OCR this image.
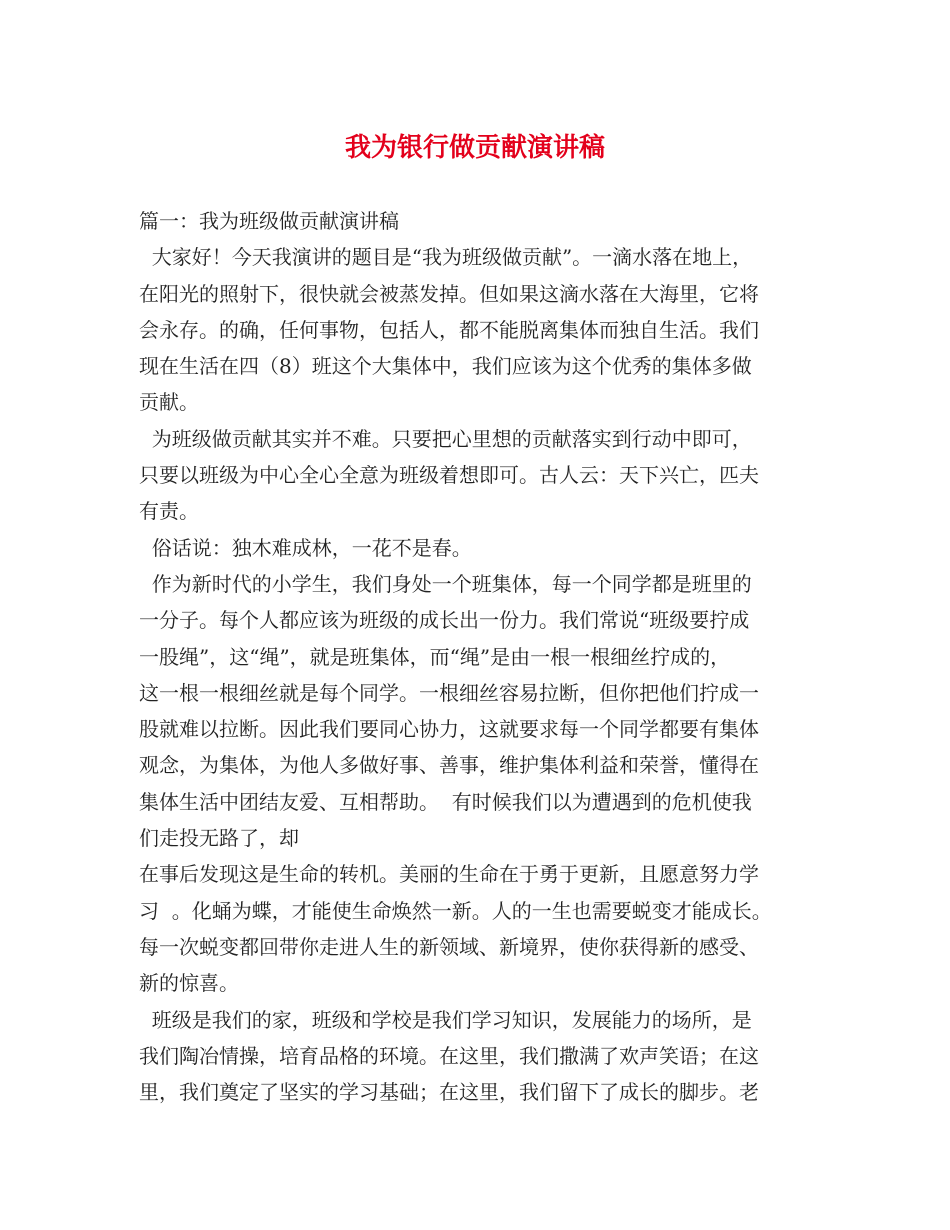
我为银行做贡献演讲稿
篇一：我为班级做贡献演讲稿
大家好！今天我演讲的题目是“我为班级做贡献”。一滴水落在地上，
在阳光的照射下，很快就会被蒸发掉。但如果这滴水落在大海里，它将
会永存。的确，任何事物，包括人，都不能脱离集体而独自生活。我们
现在生活在四（8）班这个大集体中，我们应该为这个优秀的集体多做
贡献。
为班级做贡献其实并不难。只要把心里想的贡献落实到行动中即可，
只要以班级为中心全心全意为班级着想即可。古人云：天下兴亡，匹夫
有责。
俗话说：独木难成林，一花不是春。
作为新时代的小学生，我们身处一个班集体，每一个同学都是班里的
一分子。每个人都应该为班级的成长出一份力。我们常说“班级要拧成
一股绳”，这“绳”，就是班集体，而“绳”是由一根一根细丝拧成的，
这一根一根细丝就是每个同学。一根细丝容易拉断，但你把他们拧成一
股就难以拉断。因此我们要同心协力，这就要求每一个同学都要有集体
观念，为集体，为他人多做好事、善事，维护集体利益和荣誉，懂得在
集体生活中团结友爱、互相帮助。  有时候我们以为遭遇到的危机使我
们走投无路了，却
在事后发现这是生命的转机。美丽的生命在于勇于更新，且愿意努力学
习  。化蛹为蝶，才能使生命焕然一新。人的一生也需要蜕变才能成长。
每一次蜕变都回带你走进人生的新领域、新境界，使你获得新的感受、
新的惊喜。
班级是我们的家，班级和学校是我们学习知识，发展能力的场所，是
我们陶冶情操，培育品格的环境。在这里，我们撒满了欢声笑语；在这
里，我们奠定了坚实的学习基础；在这里，我们留下了成长的脚步。老
